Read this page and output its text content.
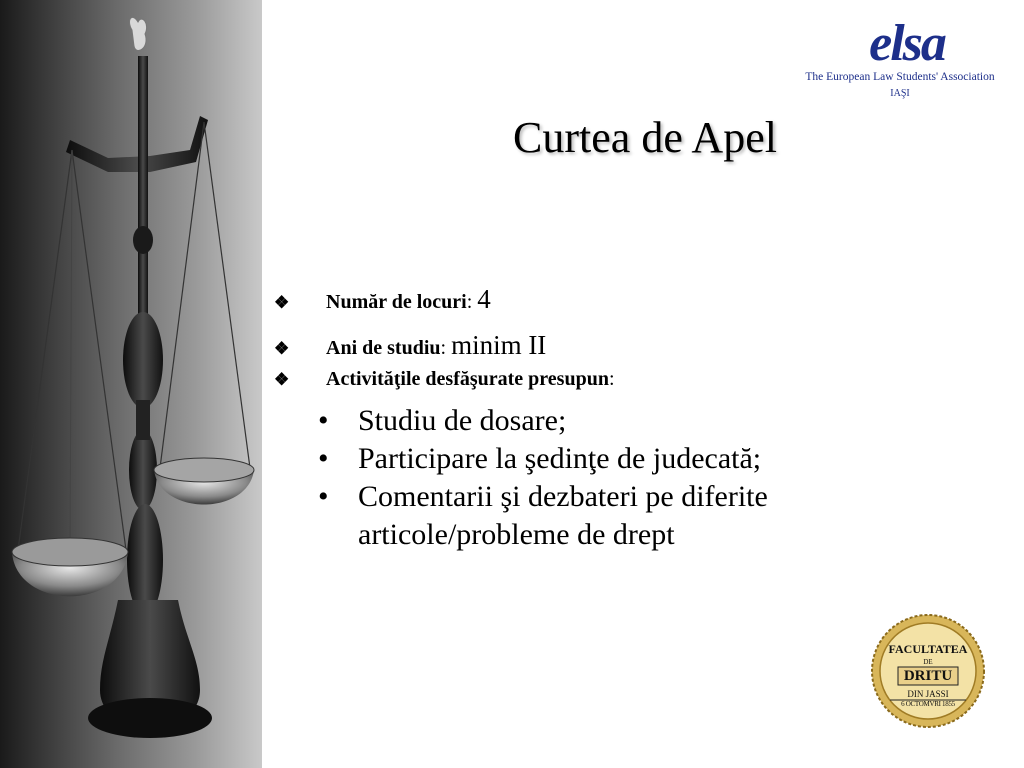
elsa
The European Law Students' Association
IAŞI
Curtea de Apel
❖ Număr de locuri: 4
❖ Ani de studiu: minim II
❖ Activităţile desfăşurate presupun:
• Studiu de dosare;
• Participare la şedinţe de judecată;
• Comentarii şi dezbateri pe diferite articole/probleme de drept
FACULTATEA
DE
DRITU
DIN JASSI
6 OCTOMVRI 1855
